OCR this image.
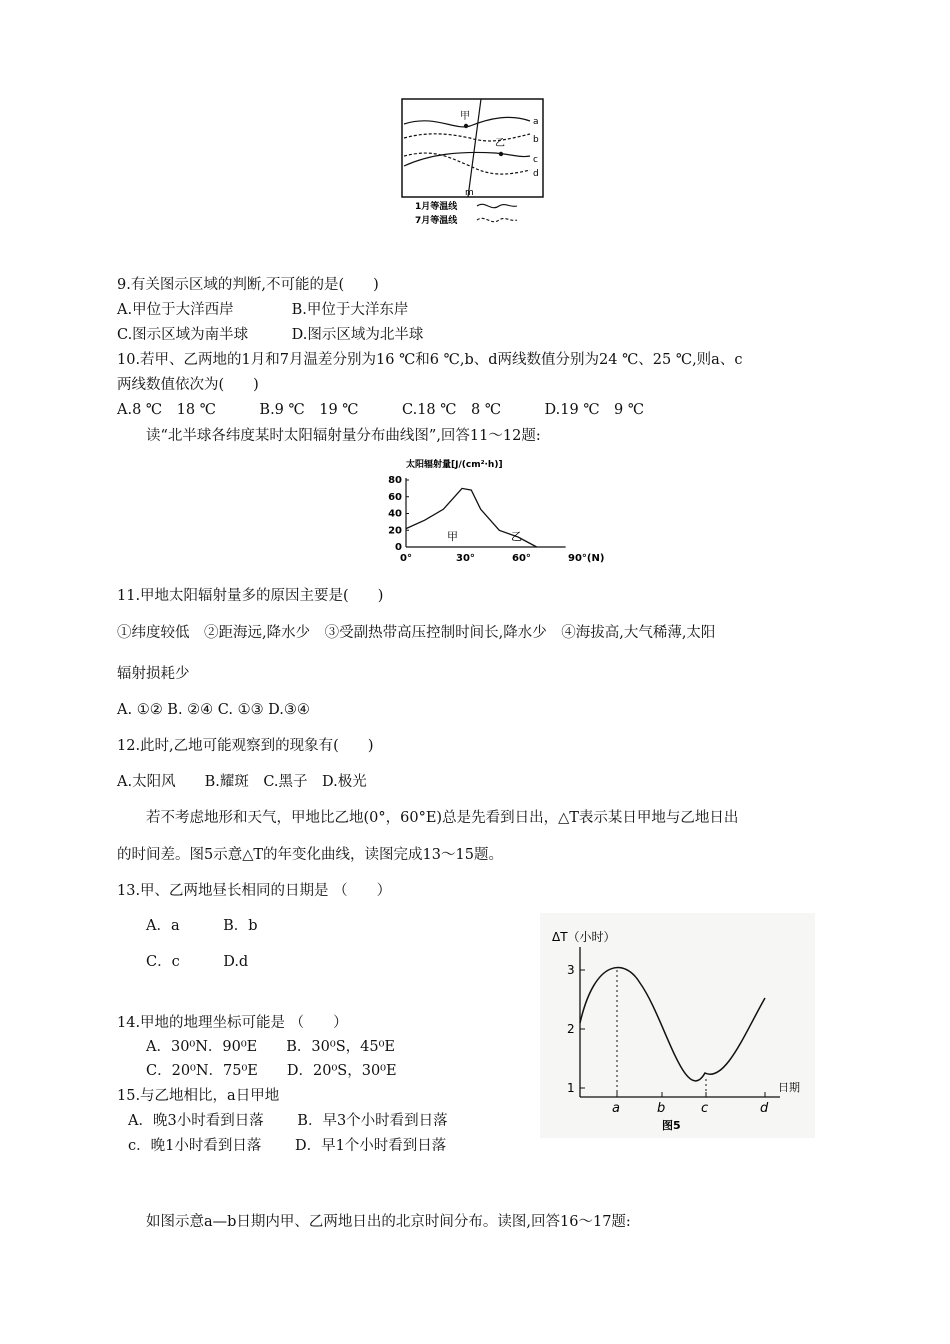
甲
乙
a
b
c
d
m
1月等温线
7月等温线
9.有关图示区域的判断,不可能的是(　　)
A.甲位于大洋西岸　　　　B.甲位于大洋东岸
C.图示区域为南半球　　　D.图示区域为北半球
10.若甲、乙两地的1月和7月温差分别为16 ℃和6 ℃,b、d两线数值分别为24 ℃、25 ℃,则a、c
两线数值依次为(　　)
A.8 ℃　18 ℃　　　B.9 ℃　19 ℃　　　C.18 ℃　8 ℃　　　D.19 ℃　9 ℃
读“北半球各纬度某时太阳辐射量分布曲线图”,回答11～12题:
太阳辐射量[J/(cm²·h)]
0
20
40
60
80
0°	30°	60°	90°(N)
甲	乙
11.甲地太阳辐射量多的原因主要是(　　)
①纬度较低　②距海远,降水少　③受副热带高压控制时间长,降水少　④海拔高,大气稀薄,太阳
辐射损耗少
A. ①② B. ②④ C. ①③ D.③④
12.此时,乙地可能观察到的现象有(　　)
A.太阳风　　B.耀斑　C.黑子　D.极光
若不考虑地形和天气，甲地比乙地(0°，60°E)总是先看到日出，△T表示某日甲地与乙地日出
的时间差。图5示意△T的年变化曲线，读图完成13～15题。
13.甲、乙两地昼长相同的日期是 （　　）
A．a　　　B．b
C．c　　　D.d
14.甲地的地理坐标可能是 （　　）
A．30⁰N．90⁰E　　B．30⁰S，45⁰E
C．20⁰N．75⁰E　　D．20⁰S，30⁰E
15.与乙地相比，a日甲地
A．晚3小时看到日落　　 B．早3个小时看到日落
c．晚1小时看到日落　　 D．早1个小时看到日落
ΔT（小时）
3
2
1
a	b	c	d
日期
图5
如图示意a—b日期内甲、乙两地日出的北京时间分布。读图,回答16～17题:
